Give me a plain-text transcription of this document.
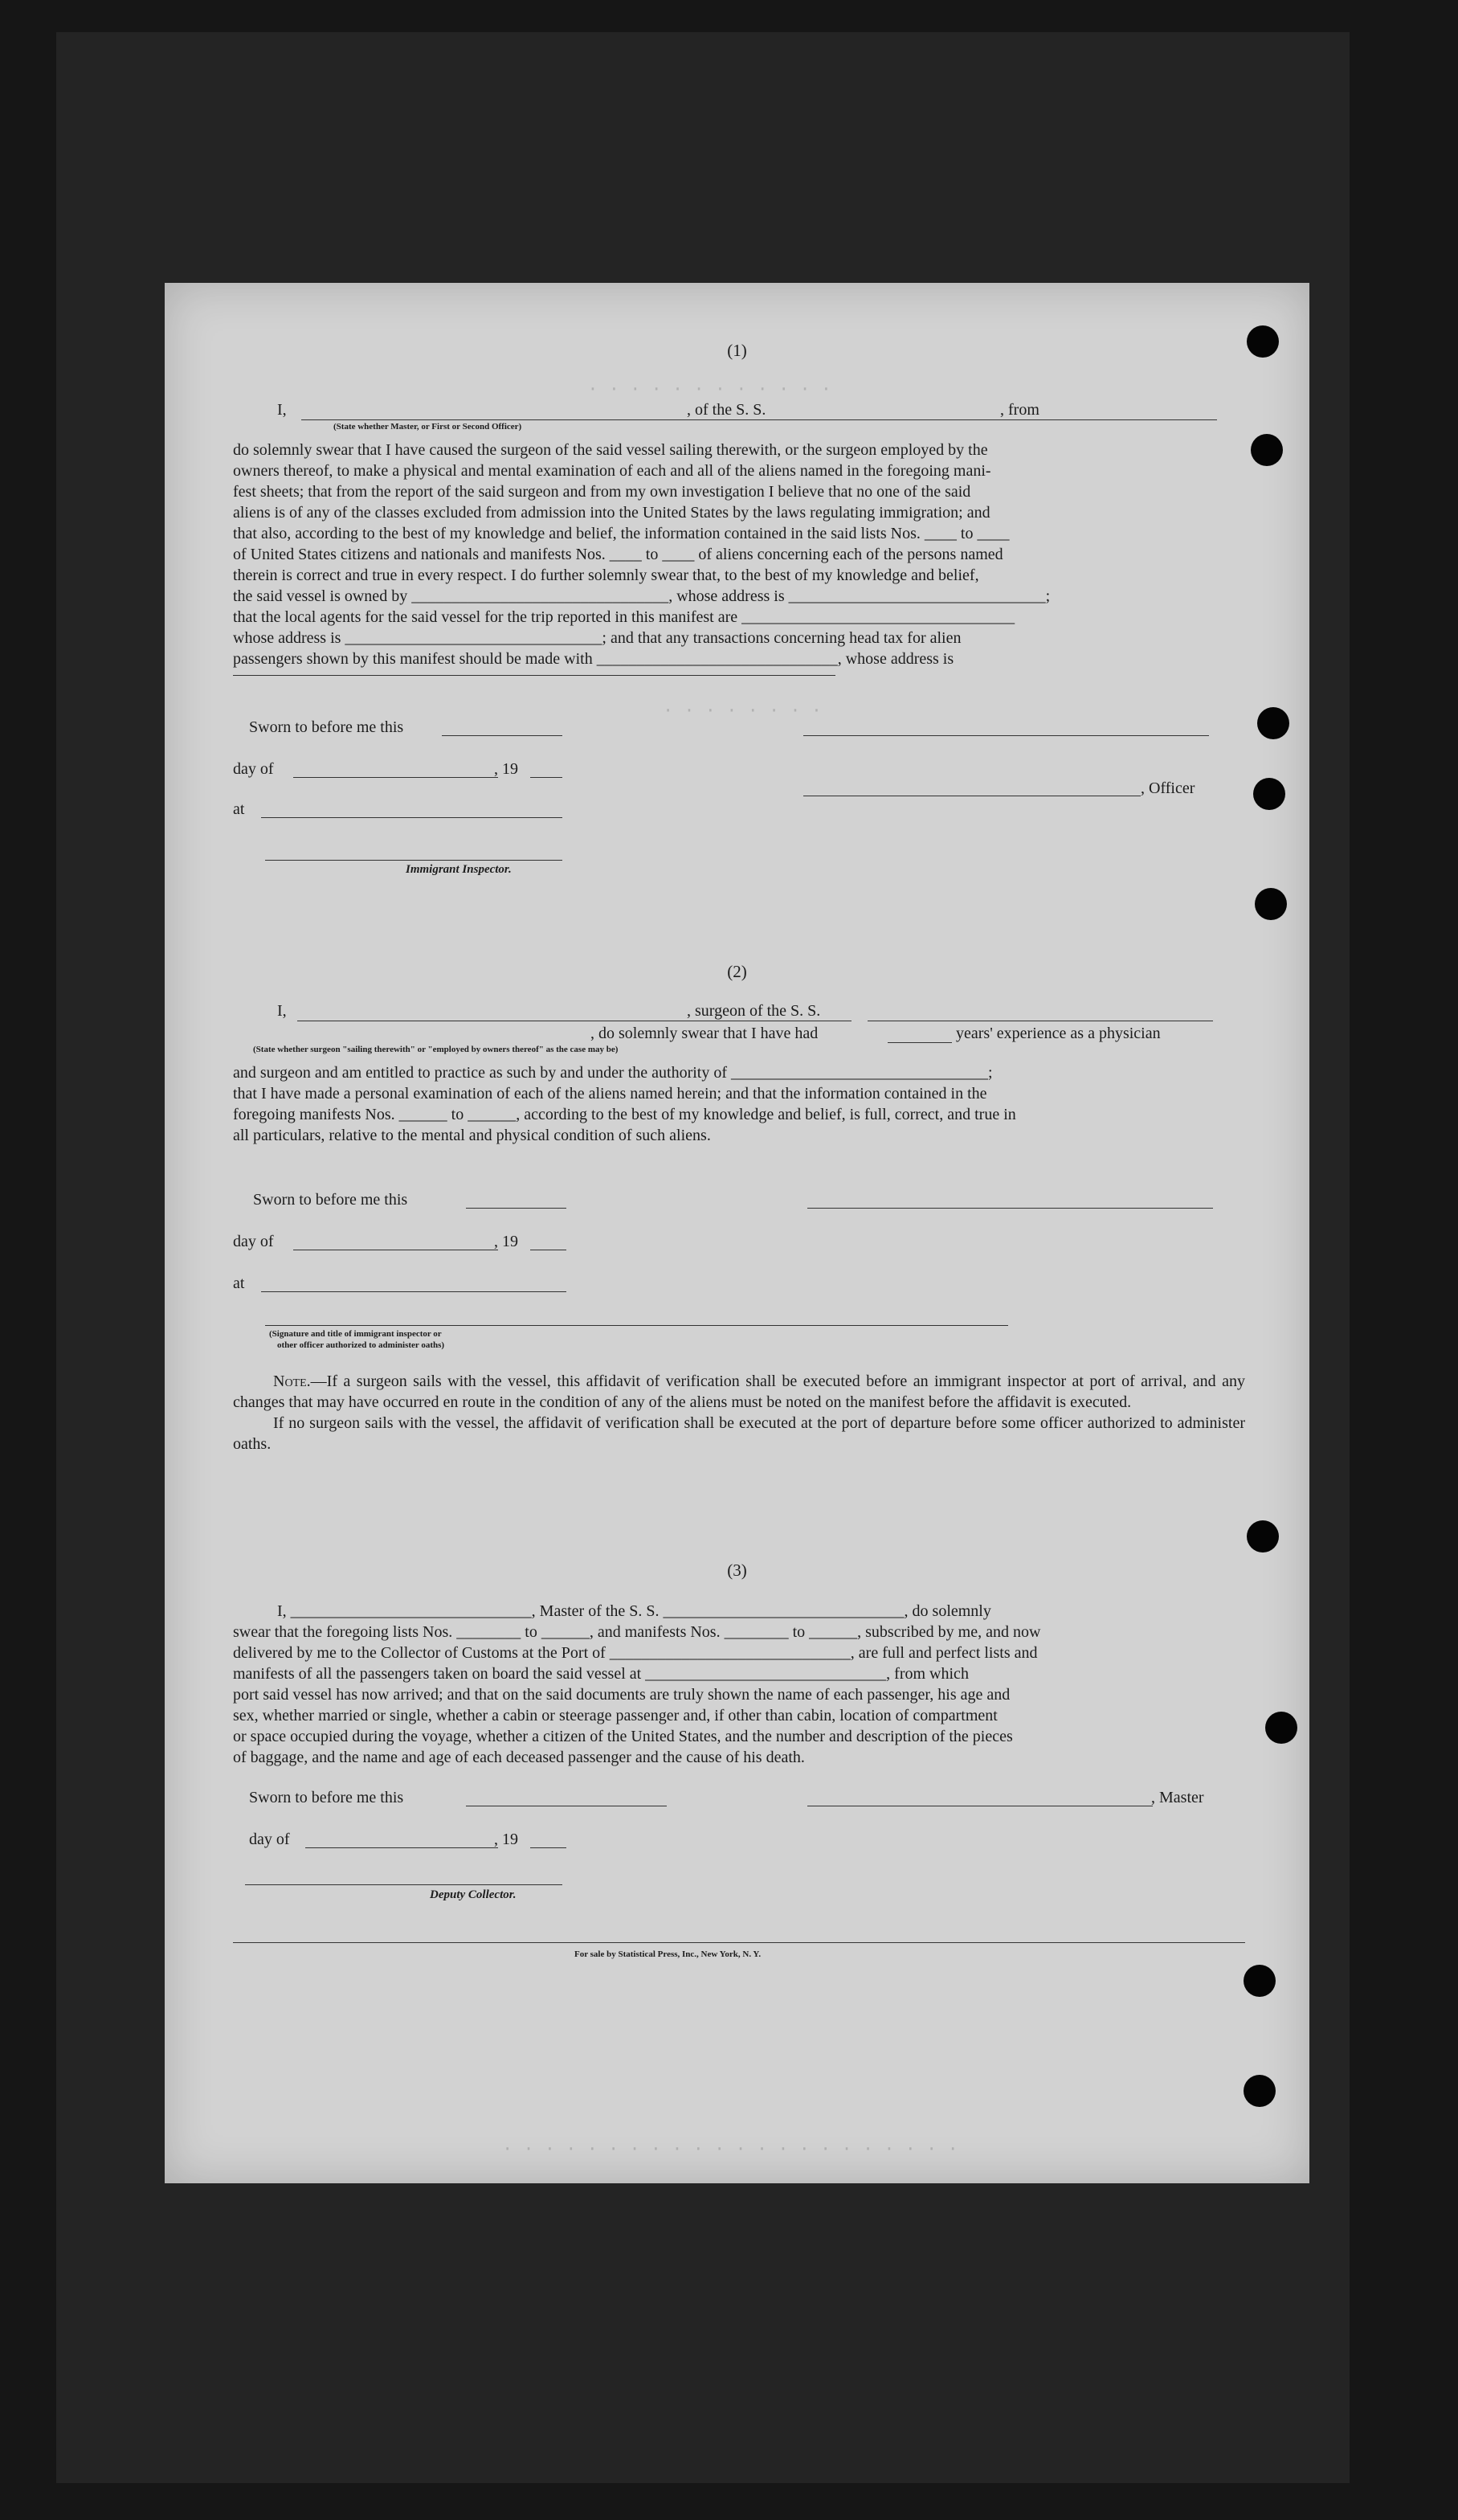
· · · · · · · · · · · ·
· · · · · · · ·
(1)
I,	, of the S. S.	, from
(State whether Master, or First or Second Officer)

do solemnly swear that I have caused the surgeon of the said vessel sailing therewith, or the surgeon employed by the

owners thereof, to make a physical and mental examination of each and all of the aliens named in the foregoing mani-

fest sheets; that from the report of the said surgeon and from my own investigation I believe that no one of the said

aliens is of any of the classes excluded from admission into the United States by the laws regulating immigration; and

that also, according to the best of my knowledge and belief, the information contained in the said lists Nos. ____ to ____

of United States citizens and nationals and manifests Nos. ____ to ____ of aliens concerning each of the persons named

therein is correct and true in every respect. I do further solemnly swear that, to the best of my knowledge and belief,

the said vessel is owned by ________________________________, whose address is ________________________________;

that the local agents for the said vessel for the trip reported in this manifest are __________________________________

whose address is ________________________________; and that any transactions concerning head tax for alien

passengers shown by this manifest should be made with ______________________________, whose address is

Sworn to before me this
day of	, 19
at
Immigrant Inspector.
, Officer
(2)
I,	, surgeon of the S. S.
, do solemnly swear that I have had	years' experience as a physician
(State whether surgeon "sailing therewith" or "employed by owners thereof" as the case may be)

and surgeon and am entitled to practice as such by and under the authority of ________________________________;

that I have made a personal examination of each of the aliens named herein; and that the information contained in the

foregoing manifests Nos. ______ to ______, according to the best of my knowledge and belief, is full, correct, and true in

all particulars, relative to the mental and physical condition of such aliens.

Sworn to before me this
day of	, 19
at
(Signature and title of immigrant inspector or
other officer authorized to administer oaths)

Note.—If a surgeon sails with the vessel, this affidavit of verification shall be executed before an immigrant inspector at port of arrival, and any changes that may have occurred en route in the condition of any of the aliens must be noted on the manifest before the affidavit is executed.

If no surgeon sails with the vessel, the affidavit of verification shall be executed at the port of departure before some officer authorized to administer oaths.

(3)

I, ______________________________, Master of the S. S. ______________________________, do solemnly

swear that the foregoing lists Nos. ________ to ______, and manifests Nos. ________ to ______, subscribed by me, and now

delivered by me to the Collector of Customs at the Port of ______________________________, are full and perfect lists and

manifests of all the passengers taken on board the said vessel at ______________________________, from which

port said vessel has now arrived; and that on the said documents are truly shown the name of each passenger, his age and

sex, whether married or single, whether a cabin or steerage passenger and, if other than cabin, location of compartment

or space occupied during the voyage, whether a citizen of the United States, and the number and description of the pieces

of baggage, and the name and age of each deceased passenger and the cause of his death.

Sworn to before me this
day of	, 19
Deputy Collector.
, Master
For sale by Statistical Press, Inc., New York, N. Y.
· · · · · · · · · · · · · · · · · · · · · ·
